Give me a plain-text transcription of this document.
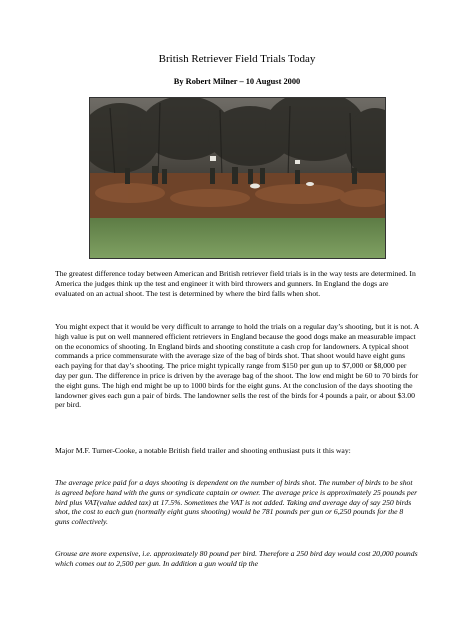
British Retriever Field Trials Today
By Robert Milner – 10 August 2000

The greatest difference today between American and British retriever field trials is in the way tests are determined. In America the judges think up the test and engineer it with bird throwers and gunners. In England the dogs are evaluated on an actual shoot. The test is determined by where the bird falls when shot.

You might expect that it would be very difficult to arrange to hold the trials on a regular day’s shooting, but it is not. A high value is put on well mannered efficient retrievers in England because the good dogs make an measurable impact on the economics of shooting. In England birds and shooting constitute a cash crop for landowners. A typical shoot commands a price commensurate with the average size of the bag of birds shot. That shoot would have eight guns each paying for that day’s shooting. The price might typically range from $150 per gun up to $7,000 or $8,000 per day per gun. The difference in price is driven by the average bag of the shoot. The low end might be 60 to 70 birds for the eight guns. The high end might be up to 1000 birds for the eight guns. At the conclusion of the days shooting the landowner gives each gun a pair of birds. The landowner sells the rest of the birds for 4 pounds a pair, or about $3.00 per bird.

Major M.F. Turner-Cooke, a notable British field trailer and shooting enthusiast puts it this way:

The average price paid for a days shooting is dependent on the number of birds shot. The number of birds to be shot is agreed before hand with the guns or syndicate captain or owner. The average price is approximately 25 pounds per bird plus VAT(value added tax) at 17.5%. Sometimes the VAT is not added. Taking and average day of say 250 birds shot, the cost to each gun (normally eight guns shooting) would be 781 pounds per gun or 6,250 pounds for the 8 guns collectively.

Grouse are more expensive, i.e. approximately 80 pound per bird. Therefore a 250 bird day would cost 20,000 pounds which comes out to 2,500 per gun. In addition a gun would tip the
